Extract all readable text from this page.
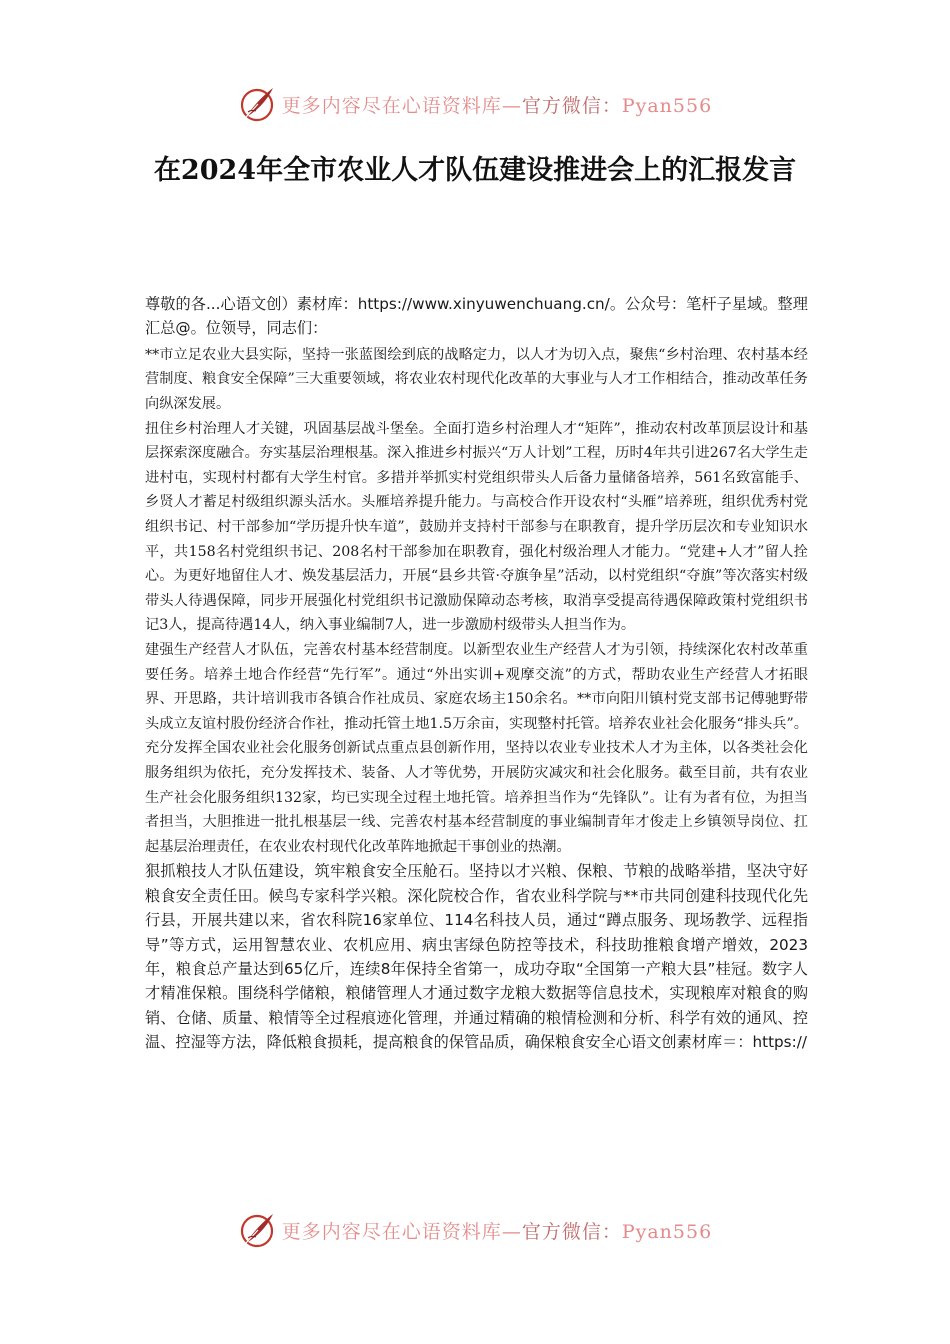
更多内容尽在心语资料库—官方微信：Pyan556
在2024年全市农业人才队伍建设推进会上的汇报发言

尊敬的各...心语文创）素材库：https://www.xinyuwenchuang.cn/。公众号：笔杆子星域。整理汇总@。位领导，同志们：

**市立足农业大县实际，坚持一张蓝图绘到底的战略定力，以人才为切入点，聚焦“乡村治理、农村基本经营制度、粮食安全保障”三大重要领域，将农业农村现代化改革的大事业与人才工作相结合，推动改革任务向纵深发展。

扭住乡村治理人才关键，巩固基层战斗堡垒。全面打造乡村治理人才“矩阵”，推动农村改革顶层设计和基层探索深度融合。夯实基层治理根基。深入推进乡村振兴“万人计划”工程，历时4年共引进267名大学生走进村屯，实现村村都有大学生村官。多措并举抓实村党组织带头人后备力量储备培养，561名致富能手、乡贤人才蓄足村级组织源头活水。头雁培养提升能力。与高校合作开设农村“头雁”培养班，组织优秀村党组织书记、村干部参加“学历提升快车道”，鼓励并支持村干部参与在职教育，提升学历层次和专业知识水平，共158名村党组织书记、208名村干部参加在职教育，强化村级治理人才能力。“党建+人才”留人拴心。为更好地留住人才、焕发基层活力，开展“县乡共管·夺旗争星”活动，以村党组织“夺旗”等次落实村级带头人待遇保障，同步开展强化村党组织书记激励保障动态考核，取消享受提高待遇保障政策村党组织书记3人，提高待遇14人，纳入事业编制7人，进一步激励村级带头人担当作为。

建强生产经营人才队伍，完善农村基本经营制度。以新型农业生产经营人才为引领，持续深化农村改革重要任务。培养土地合作经营“先行军”。通过“外出实训+观摩交流”的方式，帮助农业生产经营人才拓眼界、开思路，共计培训我市各镇合作社成员、家庭农场主150余名。**市向阳川镇村党支部书记傅驰野带头成立友谊村股份经济合作社，推动托管土地1.5万余亩，实现整村托管。培养农业社会化服务“排头兵”。充分发挥全国农业社会化服务创新试点重点县创新作用，坚持以农业专业技术人才为主体，以各类社会化服务组织为依托，充分发挥技术、装备、人才等优势，开展防灾减灾和社会化服务。截至目前，共有农业生产社会化服务组织132家，均已实现全过程土地托管。培养担当作为“先锋队”。让有为者有位，为担当者担当，大胆推进一批扎根基层一线、完善农村基本经营制度的事业编制青年才俊走上乡镇领导岗位、扛起基层治理责任，在农业农村现代化改革阵地掀起干事创业的热潮。

狠抓粮技人才队伍建设，筑牢粮食安全压舱石。坚持以才兴粮、保粮、节粮的战略举措，坚决守好粮食安全责任田。候鸟专家科学兴粮。深化院校合作，省农业科学院与**市共同创建科技现代化先行县，开展共建以来，省农科院16家单位、114名科技人员，通过“蹲点服务、现场教学、远程指导”等方式，运用智慧农业、农机应用、病虫害绿色防控等技术，科技助推粮食增产增效，2023年，粮食总产量达到65亿斤，连续8年保持全省第一，成功夺取“全国第一产粮大县”桂冠。数字人才精准保粮。围绕科学储粮，粮储管理人才通过数字龙粮大数据等信息技术，实现粮库对粮食的购销、仓储、质量、粮情等全过程痕迹化管理，并通过精确的粮情检测和分析、科学有效的通风、控温、控湿等方法，降低粮食损耗，提高粮食的保管品质，确保粮食安全心语文创素材库＝：https://

更多内容尽在心语资料库—官方微信：Pyan556
